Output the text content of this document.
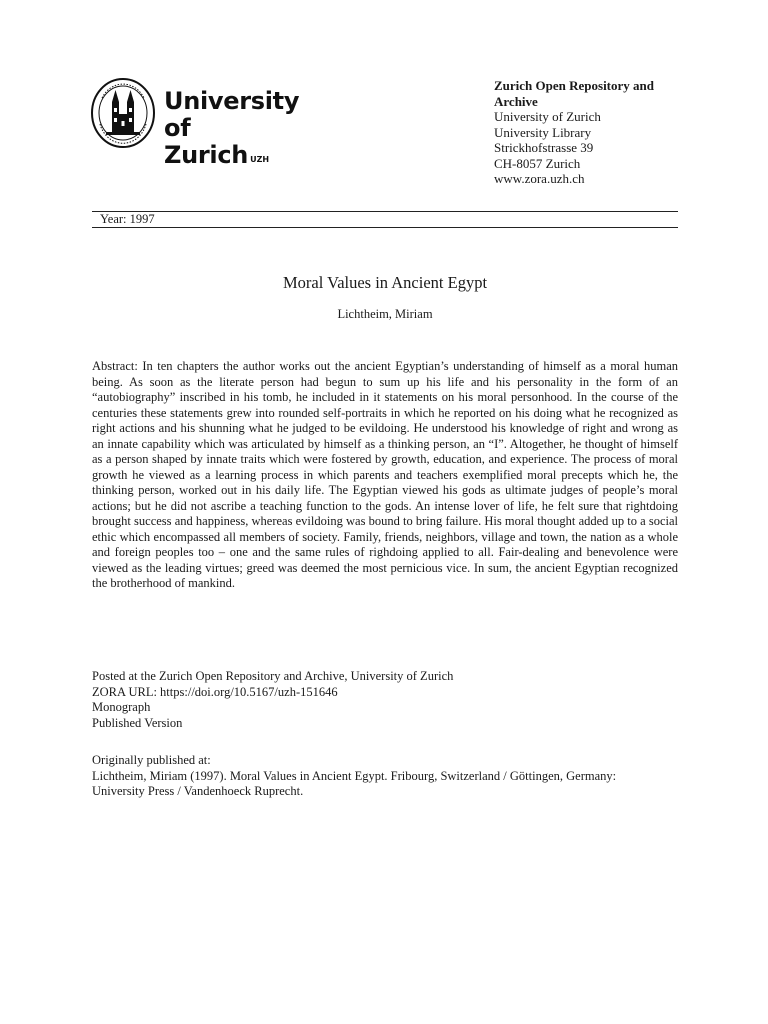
University of
Zurich $^{UZH}$
Zurich Open Repository and
Archive
University of Zurich
University Library
Strickhofstrasse 39
CH-8057 Zurich
www.zora.uzh.ch
Year: 1997
Moral Values in Ancient Egypt
Lichtheim, Miriam

Abstract: In ten chapters the author works out the ancient Egyptian’s understanding of himself as a moral human being. As soon as the literate person had begun to sum up his life and his personality in the form of an “autobiography” inscribed in his tomb, he included in it statements on his moral personhood. In the course of the centuries these statements grew into rounded self-portraits in which he reported on his doing what he recognized as right actions and his shunning what he judged to be evildoing. He understood his knowledge of right and wrong as an innate capability which was articulated by himself as a thinking person, an “I”. Altogether, he thought of himself as a person shaped by innate traits which were fostered by growth, education, and experience. The process of moral growth he viewed as a learning process in which parents and teachers exemplified moral precepts which he, the thinking person, worked out in his daily life. The Egyptian viewed his gods as ultimate judges of people’s moral actions; but he did not ascribe a teaching function to the gods. An intense lover of life, he felt sure that rightdoing brought success and happiness, whereas evildoing was bound to bring failure. His moral thought added up to a social ethic which encompassed all members of society. Family, friends, neighbors, village and town, the nation as a whole and foreign peoples too – one and the same rules of righdoing applied to all. Fair-dealing and benevolence were viewed as the leading virtues; greed was deemed the most pernicious vice. In sum, the ancient Egyptian recognized the brotherhood of mankind.

Posted at the Zurich Open Repository and Archive, University of Zurich
ZORA URL: https://doi.org/10.5167/uzh-151646
Monograph
Published Version
Originally published at:
Lichtheim, Miriam (1997). Moral Values in Ancient Egypt. Fribourg, Switzerland / Göttingen, Germany:
University Press / Vandenhoeck Ruprecht.
